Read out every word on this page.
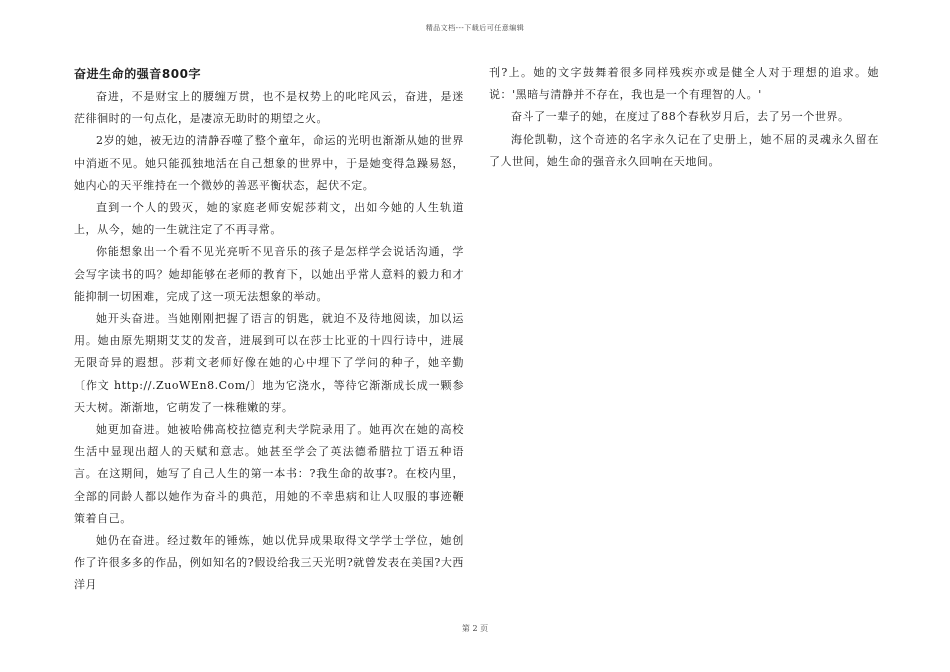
精品文档---下载后可任意编辑
奋进生命的强音800字

奋进，不是财宝上的腰缠万贯，也不是权势上的叱咤风云，奋进，是迷茫徘徊时的一句点化，是凄凉无助时的期望之火。

2岁的她，被无边的清静吞噬了整个童年，命运的光明也渐渐从她的世界中消逝不见。她只能孤独地活在自己想象的世界中，于是她变得急躁易怒，她内心的天平维持在一个微妙的善恶平衡状态，起伏不定。

直到一个人的毁灭，她的家庭老师安妮莎莉文，出如今她的人生轨道上，从今，她的一生就注定了不再寻常。

你能想象出一个看不见光亮听不见音乐的孩子是怎样学会说话沟通，学会写字读书的吗？她却能够在老师的教育下，以她出乎常人意料的毅力和才能抑制一切困难，完成了这一项无法想象的举动。

她开头奋进。当她刚刚把握了语言的钥匙，就迫不及待地阅读，加以运用。她由原先期期艾艾的发音，进展到可以在莎士比亚的十四行诗中，进展无限奇异的遐想。莎莉文老师好像在她的心中埋下了学问的种子，她辛勤〔作文 http://.ZuoWEn8.Com/〕地为它浇水，等待它渐渐成长成一颗参天大树。渐渐地，它萌发了一株稚嫩的芽。

她更加奋进。她被哈佛高校拉德克利夫学院录用了。她再次在她的高校生活中显现出超人的天赋和意志。她甚至学会了英法德希腊拉丁语五种语言。在这期间，她写了自己人生的第一本书：?我生命的故事?。在校内里，全部的同龄人都以她作为奋斗的典范，用她的不幸患病和让人叹服的事迹鞭策着自己。

她仍在奋进。经过数年的锤炼，她以优异成果取得文学学士学位，她创作了许很多多的作品，例如知名的?假设给我三天光明?就曾发表在美国?大西洋月

刊?上。她的文字鼓舞着很多同样残疾亦或是健全人对于理想的追求。她说：'黑暗与清静并不存在，我也是一个有理智的人。'

奋斗了一辈子的她，在度过了88个春秋岁月后，去了另一个世界。

海伦凯勒，这个奇迹的名字永久记在了史册上，她不屈的灵魂永久留在了人世间，她生命的强音永久回响在天地间。

第 2 页
